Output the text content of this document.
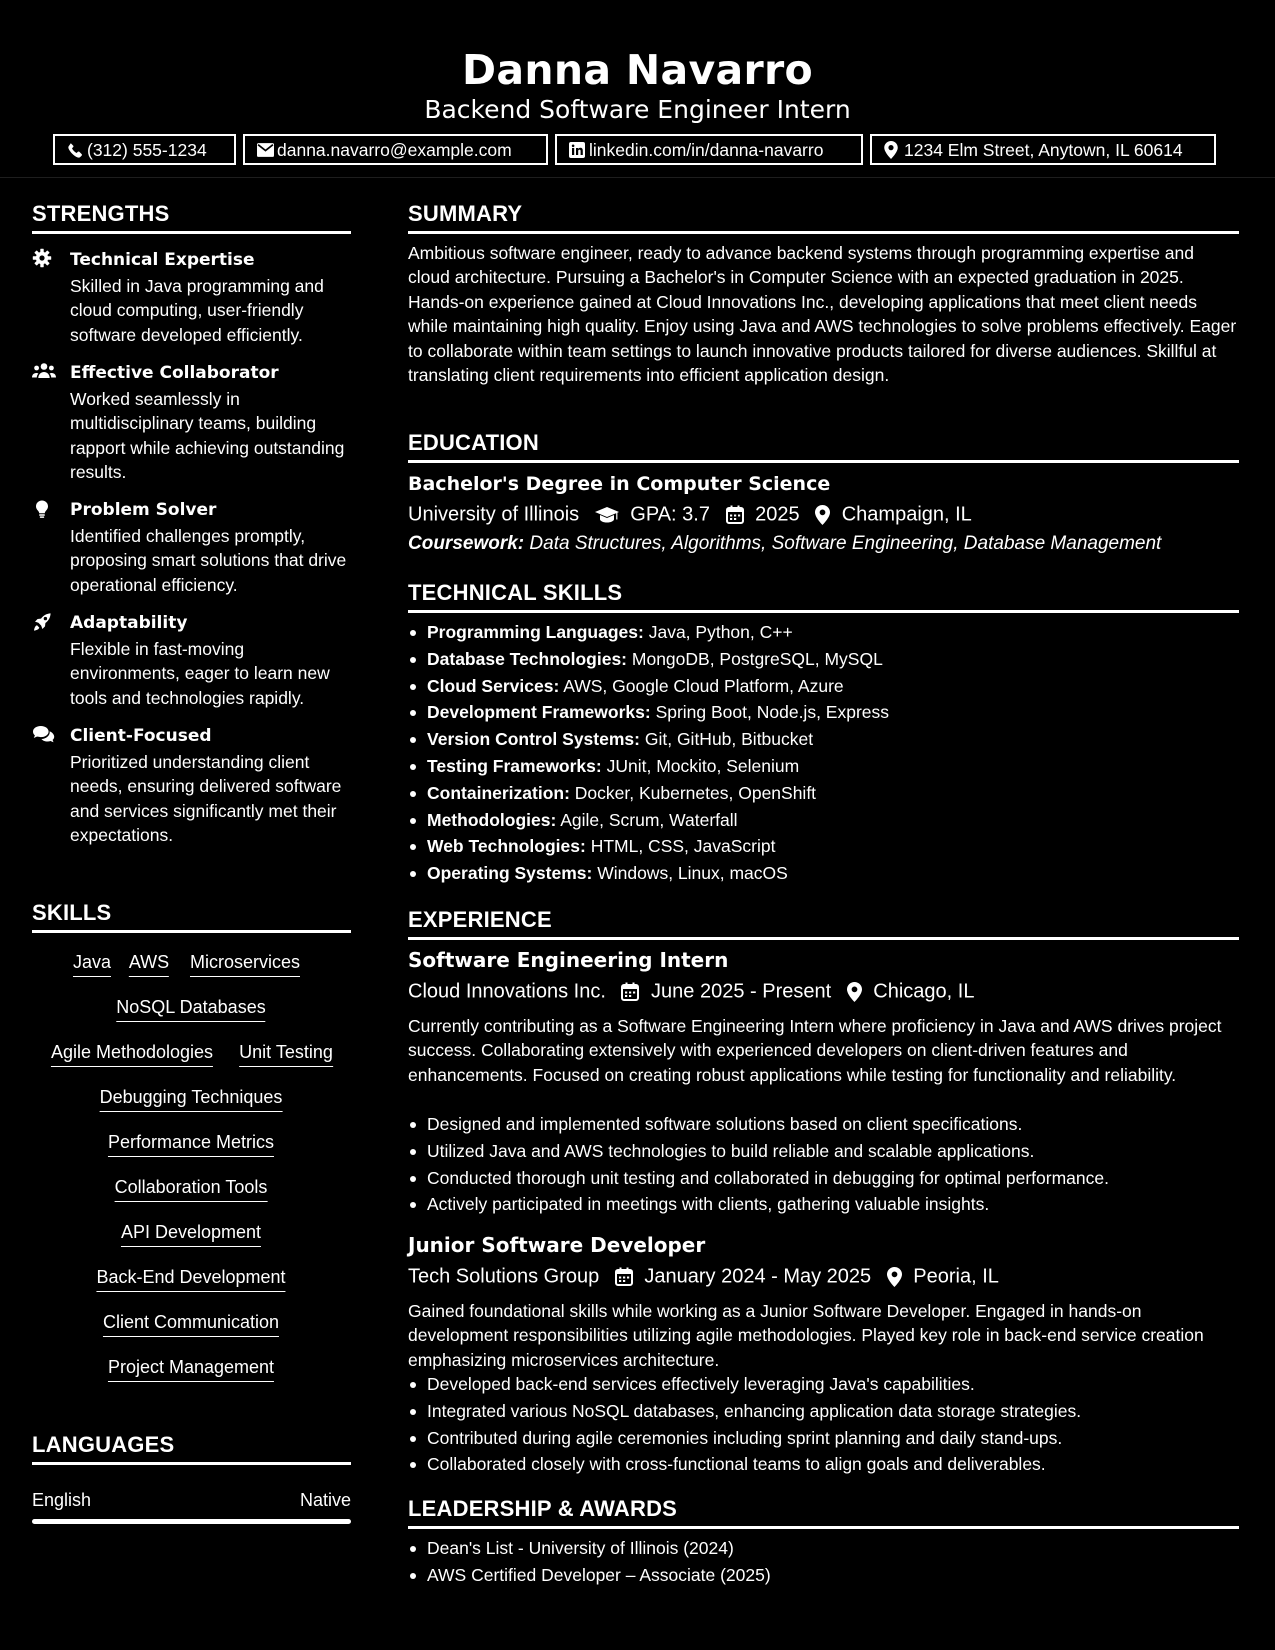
Danna Navarro
Backend Software Engineer Intern
(312) 555-1234	danna.navarro@example.com	linkedin.com/in/danna-navarro	1234 Elm Street, Anytown, IL 60614
STRENGTHS
Technical Expertise
Skilled in Java programming and cloud computing, user-friendly software developed efficiently.
Effective Collaborator
Worked seamlessly in multidisciplinary teams, building rapport while achieving outstanding results.
Problem Solver
Identified challenges promptly, proposing smart solutions that drive operational efficiency.
Adaptability
Flexible in fast-moving environments, eager to learn new tools and technologies rapidly.
Client-Focused
Prioritized understanding client needs, ensuring delivered software and services significantly met their expectations.
SKILLS
Java AWS Microservices
NoSQL Databases
Agile Methodologies Unit Testing
Debugging Techniques
Performance Metrics
Collaboration Tools
API Development
Back-End Development
Client Communication
Project Management
LANGUAGES
English	Native
SUMMARY
Ambitious software engineer, ready to advance backend systems through programming expertise and cloud architecture. Pursuing a Bachelor's in Computer Science with an expected graduation in 2025. Hands-on experience gained at Cloud Innovations Inc., developing applications that meet client needs while maintaining high quality. Enjoy using Java and AWS technologies to solve problems effectively. Eager to collaborate within team settings to launch innovative products tailored for diverse audiences. Skillful at translating client requirements into efficient application design.
EDUCATION
Bachelor's Degree in Computer Science
University of Illinois	GPA: 3.7 2025 Champaign, IL
Coursework: Data Structures, Algorithms, Software Engineering, Database Management
TECHNICAL SKILLS
Programming Languages: Java, Python, C++
Database Technologies: MongoDB, PostgreSQL, MySQL
Cloud Services: AWS, Google Cloud Platform, Azure
Development Frameworks: Spring Boot, Node.js, Express
Version Control Systems: Git, GitHub, Bitbucket
Testing Frameworks: JUnit, Mockito, Selenium
Containerization: Docker, Kubernetes, OpenShift
Methodologies: Agile, Scrum, Waterfall
Web Technologies: HTML, CSS, JavaScript
Operating Systems: Windows, Linux, macOS
EXPERIENCE
Software Engineering Intern
Cloud Innovations Inc. June 2025 - Present Chicago, IL
Currently contributing as a Software Engineering Intern where proficiency in Java and AWS drives project success. Collaborating extensively with experienced developers on client-driven features and enhancements. Focused on creating robust applications while testing for functionality and reliability.
Designed and implemented software solutions based on client specifications.
Utilized Java and AWS technologies to build reliable and scalable applications.
Conducted thorough unit testing and collaborated in debugging for optimal performance.
Actively participated in meetings with clients, gathering valuable insights.
Junior Software Developer
Tech Solutions Group January 2024 - May 2025 Peoria, IL
Gained foundational skills while working as a Junior Software Developer. Engaged in hands-on development responsibilities utilizing agile methodologies. Played key role in back-end service creation emphasizing microservices architecture.
Developed back-end services effectively leveraging Java's capabilities.
Integrated various NoSQL databases, enhancing application data storage strategies.
Contributed during agile ceremonies including sprint planning and daily stand-ups.
Collaborated closely with cross-functional teams to align goals and deliverables.
LEADERSHIP & AWARDS
Dean's List - University of Illinois (2024)
AWS Certified Developer – Associate (2025)
